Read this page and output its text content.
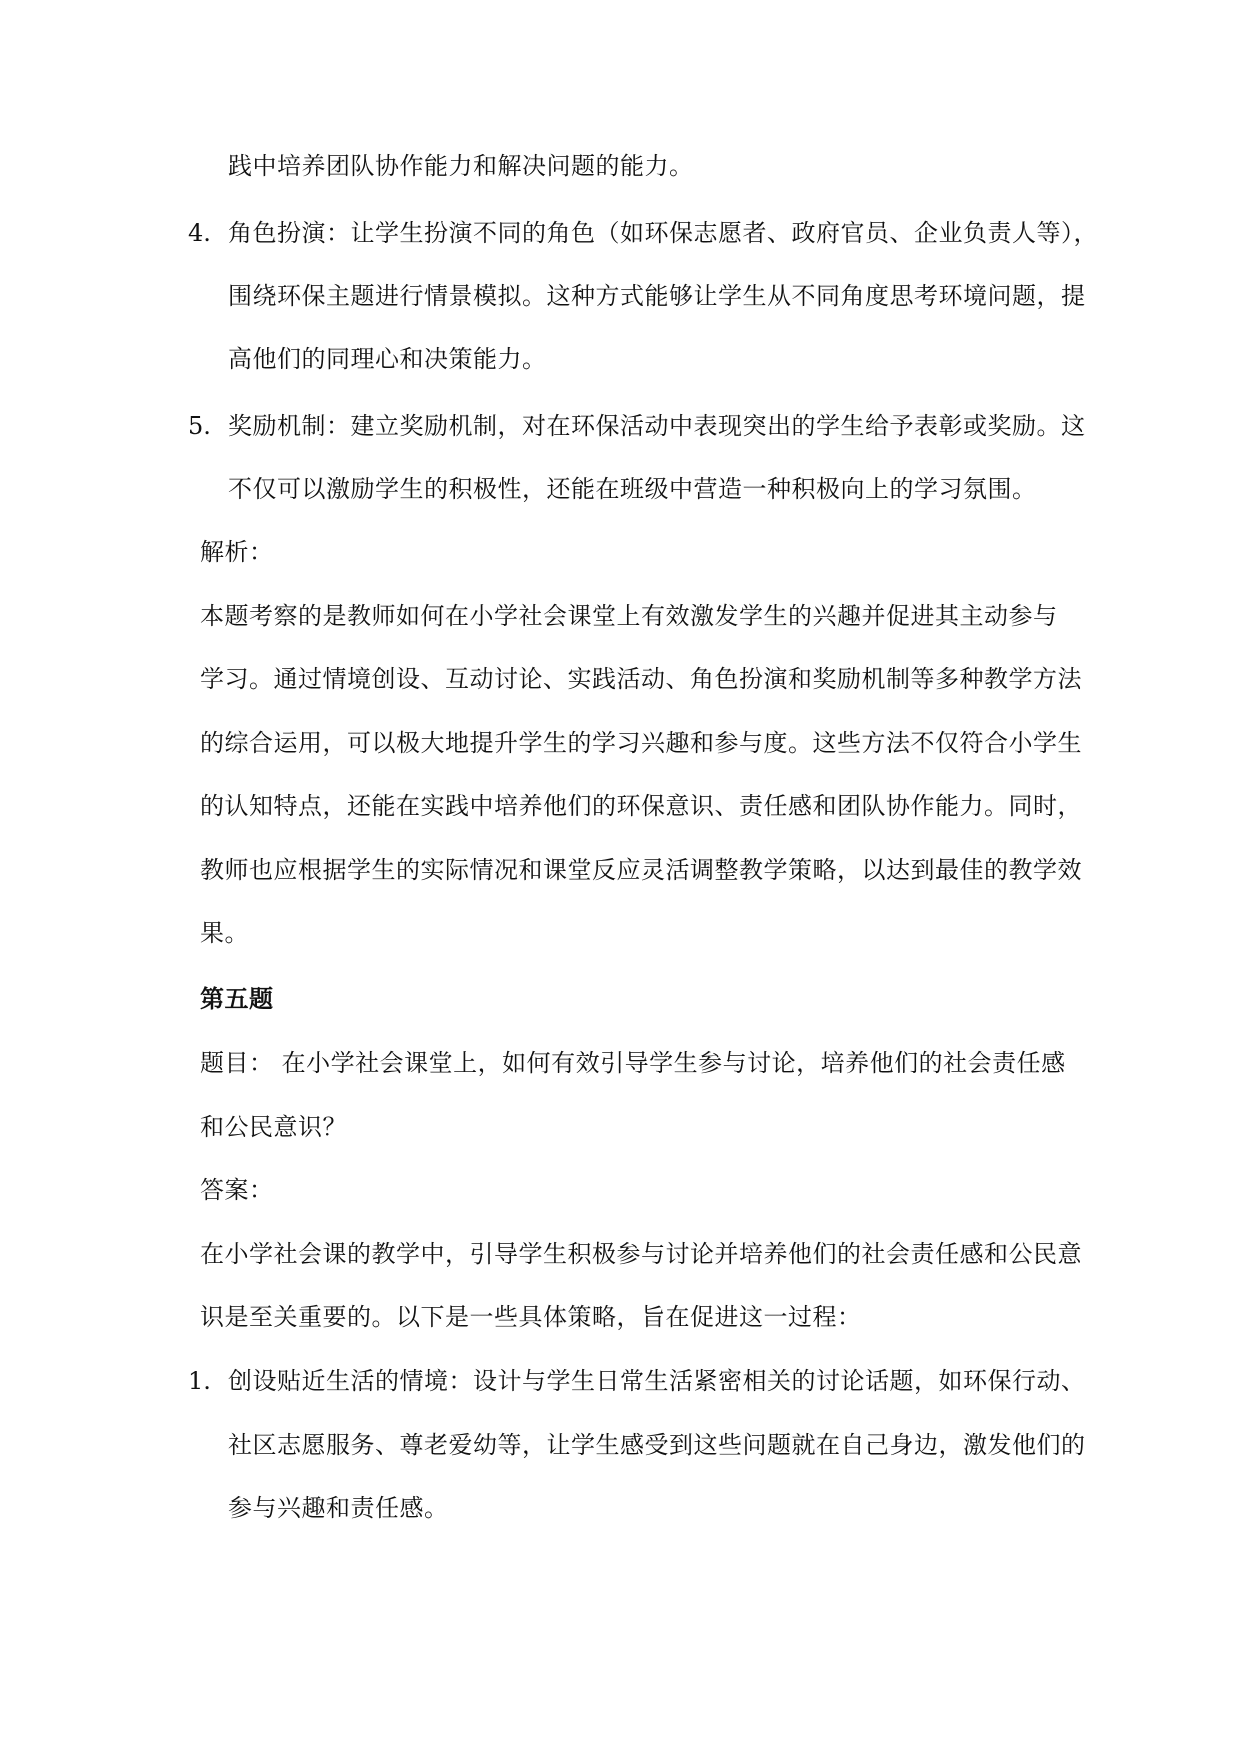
践中培养团队协作能力和解决问题的能力。
4. 角色扮演：让学生扮演不同的角色（如环保志愿者、政府官员、企业负责人等），
围绕环保主题进行情景模拟。这种方式能够让学生从不同角度思考环境问题，提
高他们的同理心和决策能力。
5. 奖励机制：建立奖励机制，对在环保活动中表现突出的学生给予表彰或奖励。这
不仅可以激励学生的积极性，还能在班级中营造一种积极向上的学习氛围。
解析：
本题考察的是教师如何在小学社会课堂上有效激发学生的兴趣并促进其主动参与
学习。通过情境创设、互动讨论、实践活动、角色扮演和奖励机制等多种教学方法
的综合运用，可以极大地提升学生的学习兴趣和参与度。这些方法不仅符合小学生
的认知特点，还能在实践中培养他们的环保意识、责任感和团队协作能力。同时，
教师也应根据学生的实际情况和课堂反应灵活调整教学策略，以达到最佳的教学效
果。
第五题
题目： 在小学社会课堂上，如何有效引导学生参与讨论，培养他们的社会责任感
和公民意识？
答案：
在小学社会课的教学中，引导学生积极参与讨论并培养他们的社会责任感和公民意
识是至关重要的。以下是一些具体策略，旨在促进这一过程：
1. 创设贴近生活的情境：设计与学生日常生活紧密相关的讨论话题，如环保行动、
社区志愿服务、尊老爱幼等，让学生感受到这些问题就在自己身边，激发他们的
参与兴趣和责任感。
